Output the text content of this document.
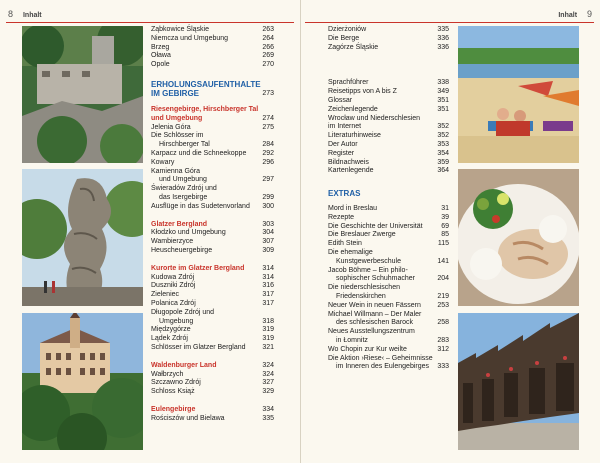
8 Inhalt
Ząbkowice Śląskie	263
Niemcza und Umgebung	264
Brzeg	266
Oława	269
Opole	270
ERHOLUNGSAUFENTHALTE
IM GEBIRGE	273
Riesengebirge, Hirschberger Tal
und Umgebung	274
Jelenia Góra	275
Die Schlösser im
Hirschberger Tal	284
Karpacz und die Schneekoppe	292
Kowary	296
Kamienna Góra
und Umgebung	297
Świeradów Zdrój und
das Isergebirge	299
Ausflüge in das Sudetenvorland	300
Glatzer Bergland	303
Kłodzko und Umgebung	304
Wambierzyce	307
Heuscheuergebirge	309
Kurorte im Glatzer Bergland	314
Kudowa Zdrój	314
Duszniki Zdrój	316
Zieleniec	317
Polanica Zdrój	317
Długopole Zdrój und
Umgebung	318
Międzygórze	319
Lądek Zdrój	319
Schlösser im Glatzer Bergland	321
Waldenburger Land	324
Wałbrzych	324
Szczawno Zdrój	327
Schloss Książ	329
Eulengebirge	334
Rościszów und Bielawa	335
Inhalt 9
Dzierżoniów	335
Die Berge	336
Zagórze Śląskie	336
Sprachführer	338
Reisetipps von A bis Z	349
Glossar	351
Zeichenlegende	351
Wrocław und Niederschlesien
im Internet	352
Literaturhinweise	352
Der Autor	353
Register	354
Bildnachweis	359
Kartenlegende	364
EXTRAS
Mord in Breslau	31
Rezepte	39
Die Geschichte der Universität	69
Die Breslauer Zwerge	85
Edith Stein	115
Die ehemalige
Kunstgewerbeschule	141
Jacob Böhme – Ein philo-
sophischer Schuhmacher	204
Die niederschlesischen
Friedenskirchen	219
Neuer Wein in neuen Fässern	253
Michael Willmann – Der Maler
des schlesischen Barock	258
Neues Ausstellungszentrum
in Łomnitz	283
Wo Chopin zur Kur weilte	312
Die Aktion ›Riese‹ – Geheimnisse
im Inneren des Eulengebirges	333
